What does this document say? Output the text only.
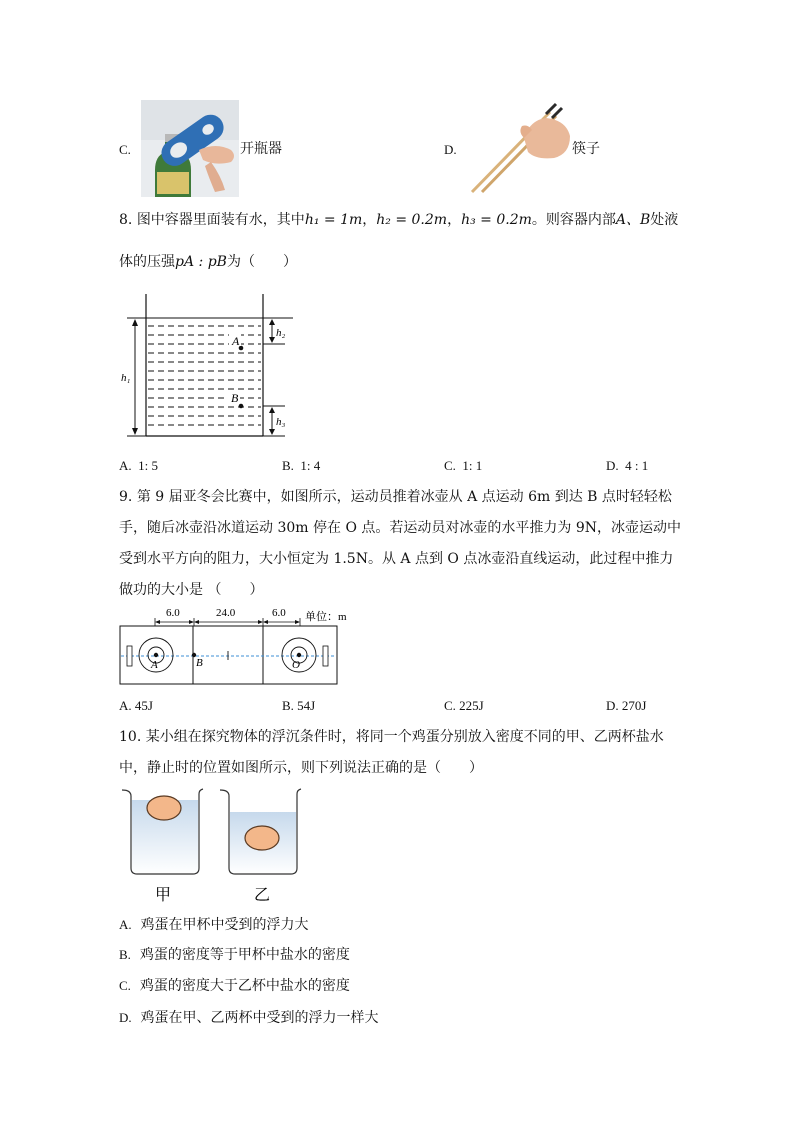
C.	开瓶器	D.	筷子
8. 图中容器里面装有水，其中h₁ = 1m，h₂ = 0.2m，h₃ = 0.2m。则容器内部A、B处液
体的压强pA : pB为（　　）
h₁
h₂
h₃
A
B
A. 1: 5	B. 1: 4	C. 1: 1	D. 4 : 1
9. 第 9 届亚冬会比赛中，如图所示，运动员推着冰壶从 A 点运动 6m 到达 B 点时轻轻松
手，随后冰壶沿冰道运动 30m 停在 O 点。若运动员对冰壶的水平推力为 9N，冰壶运动中
受到水平方向的阻力，大小恒定为 1.5N。从 A 点到 O 点冰壶沿直线运动，此过程中推力
做功的大小是 （　　）
6.0	24.0	6.0 单位：m
A	B	O
A. 45J	B. 54J	C. 225J	D. 270J
10. 某小组在探究物体的浮沉条件时，将同一个鸡蛋分别放入密度不同的甲、乙两杯盐水
中，静止时的位置如图所示，则下列说法正确的是（　　）
甲	乙
A. 鸡蛋在甲杯中受到的浮力大
B. 鸡蛋的密度等于甲杯中盐水的密度
C. 鸡蛋的密度大于乙杯中盐水的密度
D. 鸡蛋在甲、乙两杯中受到的浮力一样大
